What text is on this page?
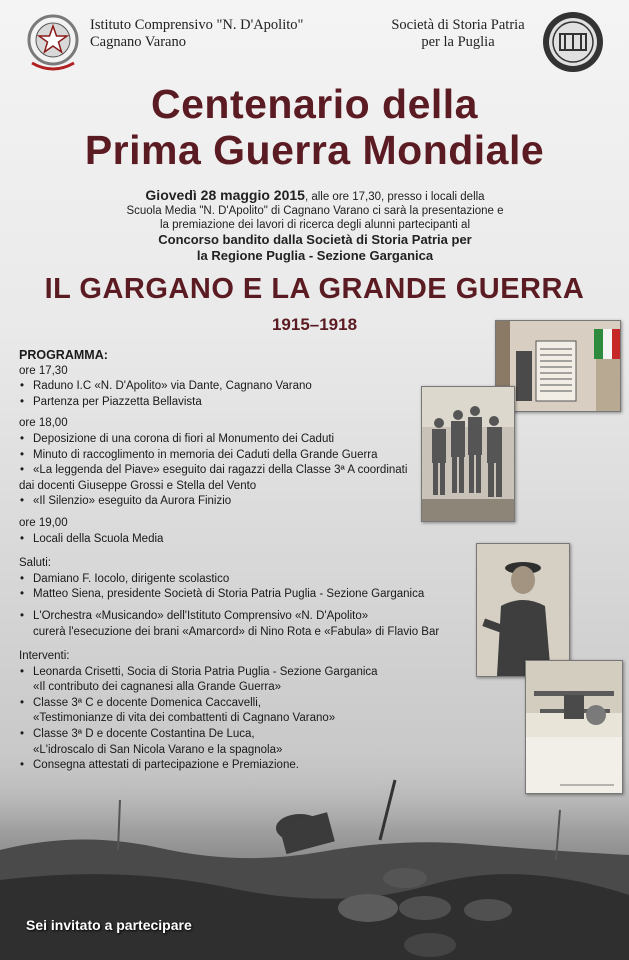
Istituto Comprensivo "N. D'Apolito"
Cagnano Varano
Società di Storia Patria
per la Puglia
Centenario della
Prima Guerra Mondiale
Giovedì 28 maggio 2015, alle ore 17,30, presso i locali della
Scuola Media "N. D'Apolito" di Cagnano Varano ci sarà la presentazione e
la premiazione dei lavori di ricerca degli alunni partecipanti al
Concorso bandito dalla Società di Storia Patria per
la Regione Puglia - Sezione Garganica
IL GARGANO E LA GRANDE GUERRA
1915–1918
PROGRAMMA:
ore 17,30
• Raduno I.C «N. D'Apolito» via Dante, Cagnano Varano
• Partenza per Piazzetta Bellavista
ore 18,00
• Deposizione di una corona di fiori al Monumento dei Caduti
• Minuto di raccoglimento in memoria dei Caduti della Grande Guerra
• «La leggenda del Piave» eseguito dai ragazzi della Classe 3ª A coordinati
dai docenti Giuseppe Grossi e Stella del Vento
• «Il Silenzio» eseguito da Aurora Finizio
ore 19,00
• Locali della Scuola Media
Saluti:
• Damiano F. Iocolo, dirigente scolastico
• Matteo Siena, presidente Società di Storia Patria Puglia - Sezione Garganica
• L'Orchestra «Musicando» dell'Istituto Comprensivo «N. D'Apolito»
curerà l'esecuzione dei brani «Amarcord» di Nino Rota e «Fabula» di Flavio Bar
Interventi:
• Leonarda Crisetti, Socia di Storia Patria Puglia - Sezione Garganica
«Il contributo dei cagnanesi alla Grande Guerra»
• Classe 3ª C e docente Domenica Caccavelli,
«Testimonianze di vita dei combattenti di Cagnano Varano»
• Classe 3ª D e docente Costantina De Luca,
«L'idroscalo di San Nicola Varano e la spagnola»
• Consegna attestati di partecipazione e Premiazione.
Sei invitato a partecipare
